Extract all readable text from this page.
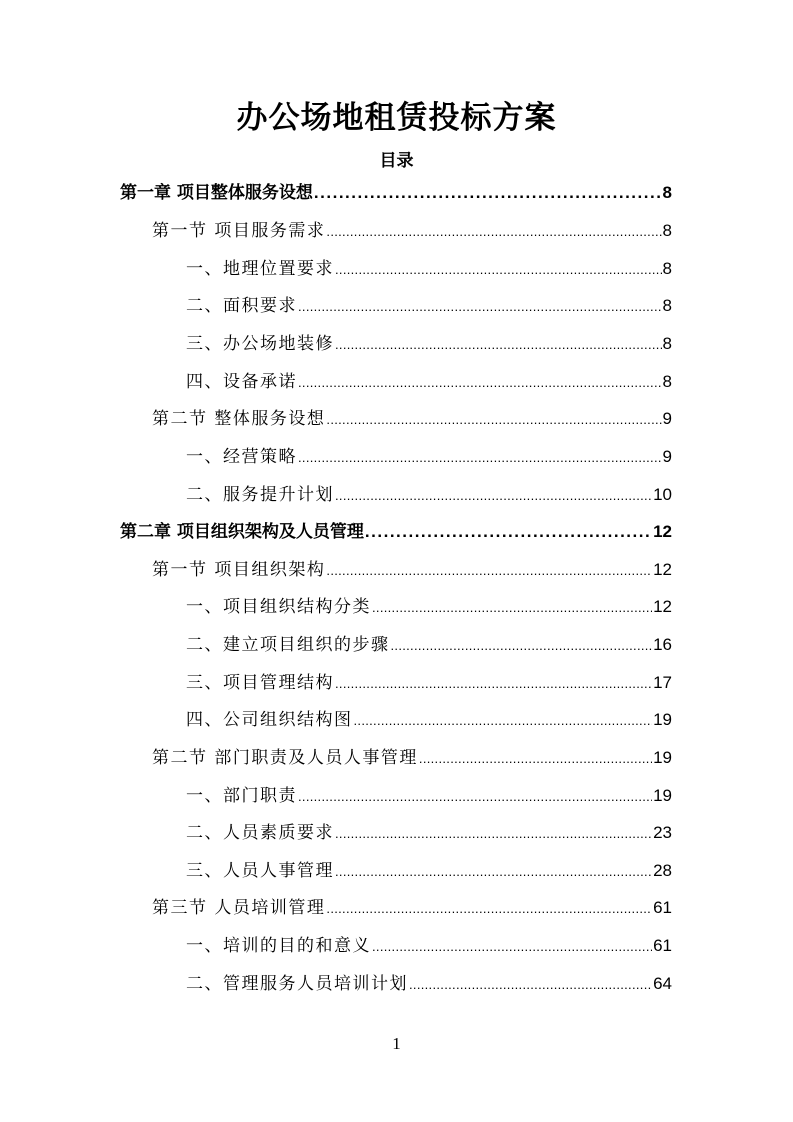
办公场地租赁投标方案
目录
第一章 项目整体服务设想 .....	8
第一节 项目服务需求 .....	8
一、地理位置要求 .....	8
二、面积要求 .....	8
三、办公场地装修 .....	8
四、设备承诺 .....	8
第二节 整体服务设想 .....	9
一、经营策略 .....	9
二、服务提升计划 .....	10
第二章 项目组织架构及人员管理 .....	12
第一节 项目组织架构 .....	12
一、项目组织结构分类 .....	12
二、建立项目组织的步骤 .....	16
三、项目管理结构 .....	17
四、公司组织结构图 .....	19
第二节 部门职责及人员人事管理 .....	19
一、部门职责 .....	19
二、人员素质要求 .....	23
三、人员人事管理 .....	28
第三节 人员培训管理 .....	61
一、培训的目的和意义 .....	61
二、管理服务人员培训计划 .....	64
1
